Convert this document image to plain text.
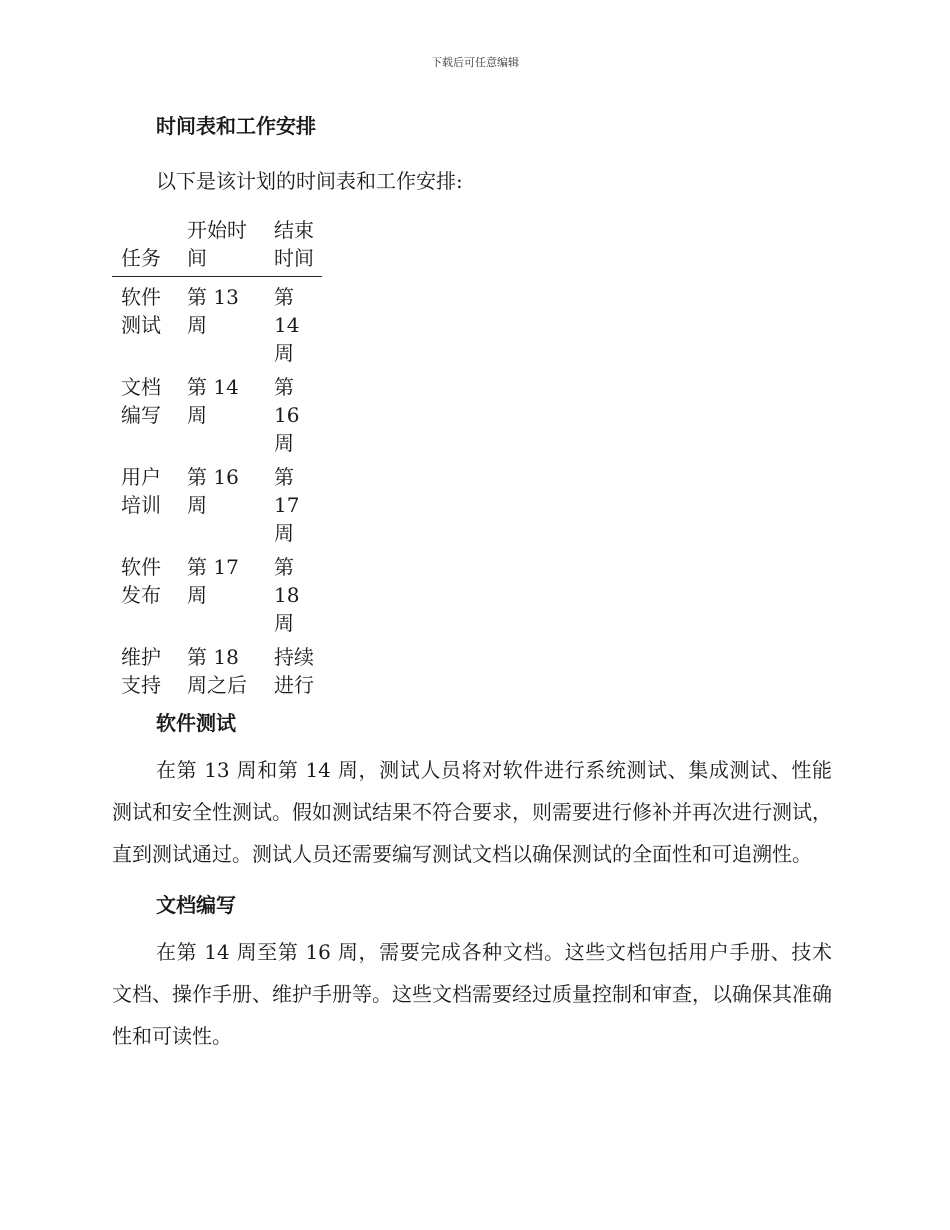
下载后可任意编辑
时间表和工作安排

以下是该计划的时间表和工作安排:

任务	开始时间	结束时间
软件测试	第 13 周	第 14 周
文档编写	第 14 周	第 16 周
用户培训	第 16 周	第 17 周
软件发布	第 17 周	第 18 周
维护支持	第 18 周之后	持续进行
软件测试

在第 13 周和第 14 周，测试人员将对软件进行系统测试、集成测试、性能测试和安全性测试。假如测试结果不符合要求，则需要进行修补并再次进行测试，直到测试通过。测试人员还需要编写测试文档以确保测试的全面性和可追溯性。

文档编写

在第 14 周至第 16 周，需要完成各种文档。这些文档包括用户手册、技术文档、操作手册、维护手册等。这些文档需要经过质量控制和审查，以确保其准确性和可读性。
